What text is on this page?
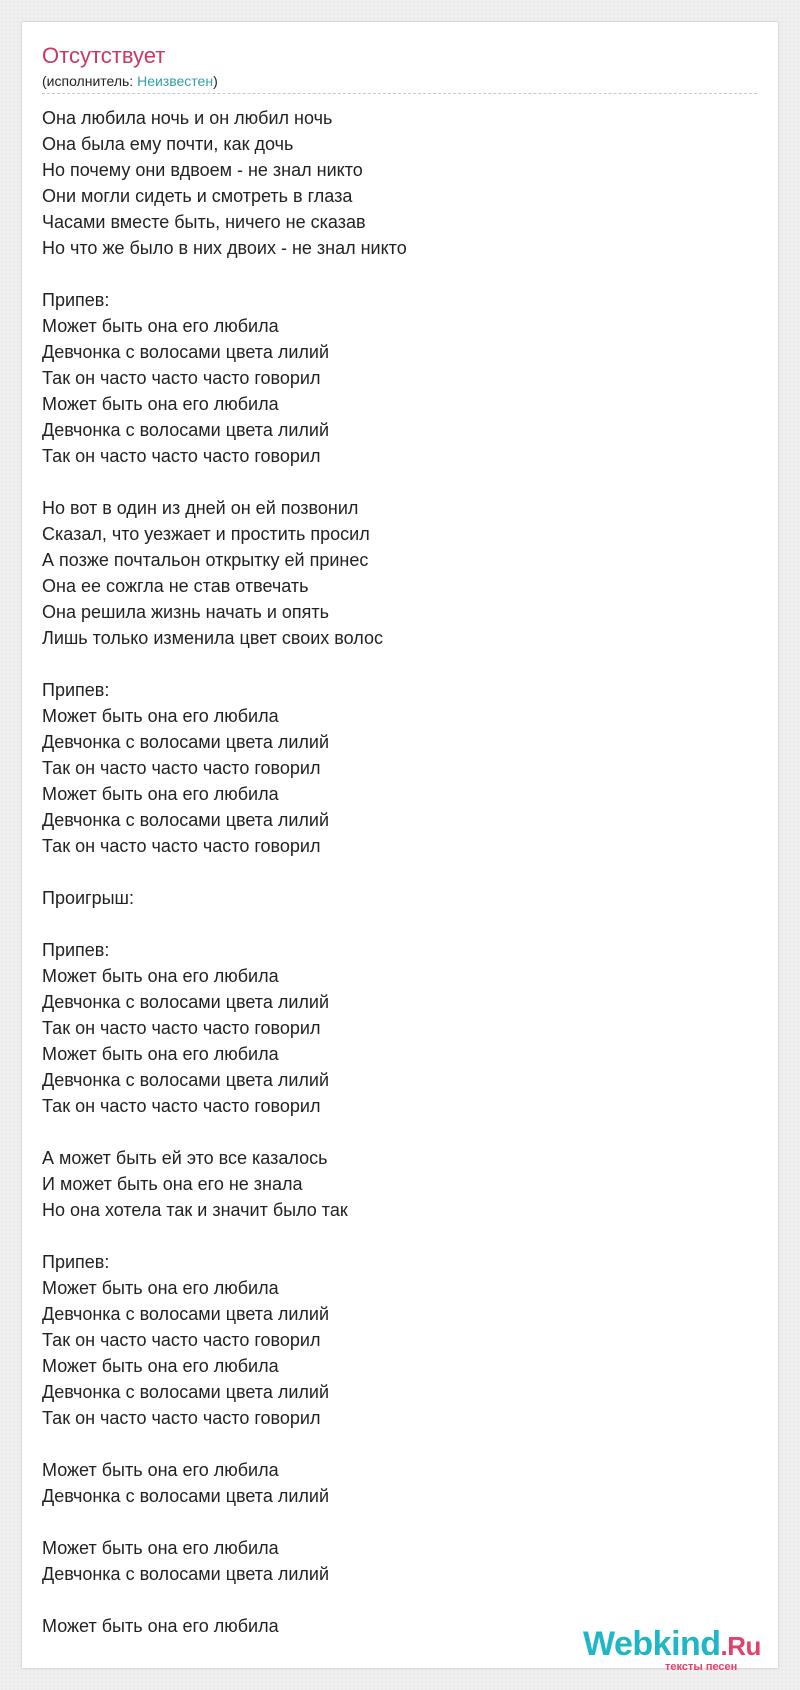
Отсутствует
(исполнитель: Неизвестен)
Она любила ночь и он любил ночь
Она была ему почти, как дочь
Но почему они вдвоем - не знал никто
Они могли сидеть и смотреть в глаза
Часами вместе быть, ничего не сказав
Но что же было в них двоих - не знал никто
Припев:
Может быть она его любила
Девчонка с волосами цвета лилий
Так он часто часто часто говорил
Может быть она его любила
Девчонка с волосами цвета лилий
Так он часто часто часто говорил
Но вот в один из дней он ей позвонил
Сказал, что уезжает и простить просил
А позже почтальон открытку ей принес
Она ее сожгла не став отвечать
Она решила жизнь начать и опять
Лишь только изменила цвет своих волос
Припев:
Может быть она его любила
Девчонка с волосами цвета лилий
Так он часто часто часто говорил
Может быть она его любила
Девчонка с волосами цвета лилий
Так он часто часто часто говорил
Проигрыш:
Припев:
Может быть она его любила
Девчонка с волосами цвета лилий
Так он часто часто часто говорил
Может быть она его любила
Девчонка с волосами цвета лилий
Так он часто часто часто говорил
А может быть ей это все казалось
И может быть она его не знала
Но она хотела так и значит было так
Припев:
Может быть она его любила
Девчонка с волосами цвета лилий
Так он часто часто часто говорил
Может быть она его любила
Девчонка с волосами цвета лилий
Так он часто часто часто говорил
Может быть она его любила
Девчонка с волосами цвета лилий
Может быть она его любила
Девчонка с волосами цвета лилий
Может быть она его любила	Webkind.Ru
тексты песен
